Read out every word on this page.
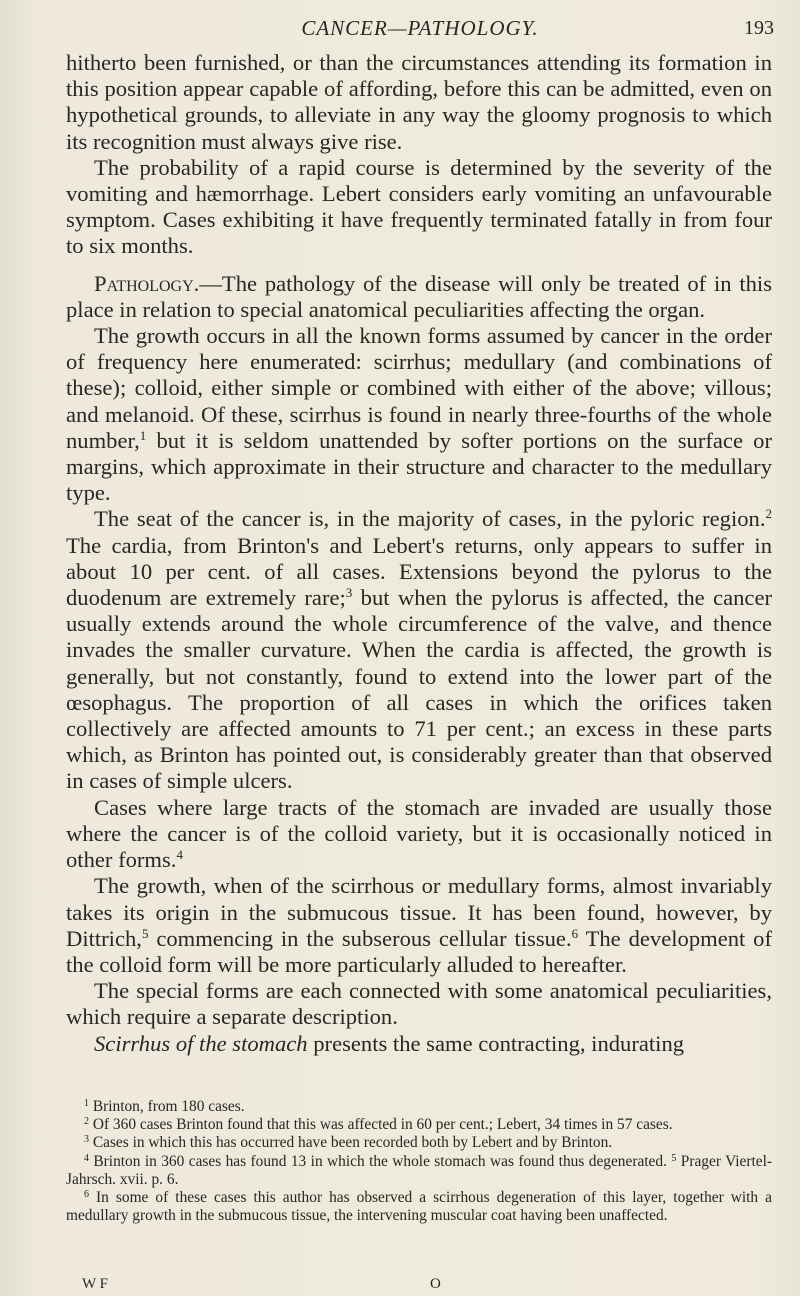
CANCER—PATHOLOGY.	193

hitherto been furnished, or than the circumstances attending its formation in this position appear capable of affording, before this can be admitted, even on hypothetical grounds, to alleviate in any way the gloomy prognosis to which its recognition must always give rise.

The probability of a rapid course is determined by the severity of the vomiting and hæmorrhage. Lebert considers early vomiting an unfavourable symptom. Cases exhibiting it have frequently terminated fatally in from four to six months.

Pathology.—The pathology of the disease will only be treated of in this place in relation to special anatomical peculiarities affecting the organ.

The growth occurs in all the known forms assumed by cancer in the order of frequency here enumerated: scirrhus; medullary (and combinations of these); colloid, either simple or combined with either of the above; villous; and melanoid. Of these, scirrhus is found in nearly three-fourths of the whole number,$^1$ but it is seldom unattended by softer portions on the surface or margins, which approximate in their structure and character to the medullary type.

The seat of the cancer is, in the majority of cases, in the pyloric region.$^2$ The cardia, from Brinton's and Lebert's returns, only appears to suffer in about 10 per cent. of all cases. Extensions beyond the pylorus to the duodenum are extremely rare;$^3$ but when the pylorus is affected, the cancer usually extends around the whole circumference of the valve, and thence invades the smaller curvature. When the cardia is affected, the growth is generally, but not constantly, found to extend into the lower part of the œsophagus. The proportion of all cases in which the orifices taken collectively are affected amounts to 71 per cent.; an excess in these parts which, as Brinton has pointed out, is considerably greater than that observed in cases of simple ulcers.

Cases where large tracts of the stomach are invaded are usually those where the cancer is of the colloid variety, but it is occasionally noticed in other forms.$^4$

The growth, when of the scirrhous or medullary forms, almost invariably takes its origin in the submucous tissue. It has been found, however, by Dittrich,$^5$ commencing in the subserous cellular tissue.$^6$ The development of the colloid form will be more particularly alluded to hereafter.

The special forms are each connected with some anatomical peculiarities, which require a separate description.

Scirrhus of the stomach presents the same contracting, indurating

$^1$ Brinton, from 180 cases.

$^2$ Of 360 cases Brinton found that this was affected in 60 per cent.; Lebert, 34 times in 57 cases.

$^3$ Cases in which this has occurred have been recorded both by Lebert and by Brinton.

$^4$ Brinton in 360 cases has found 13 in which the whole stomach was found thus degenerated. $^5$ Prager Viertel-Jahrsch. xvii. p. 6.

$^6$ In some of these cases this author has observed a scirrhous degeneration of this layer, together with a medullary growth in the submucous tissue, the intervening muscular coat having been unaffected.

W F	O
